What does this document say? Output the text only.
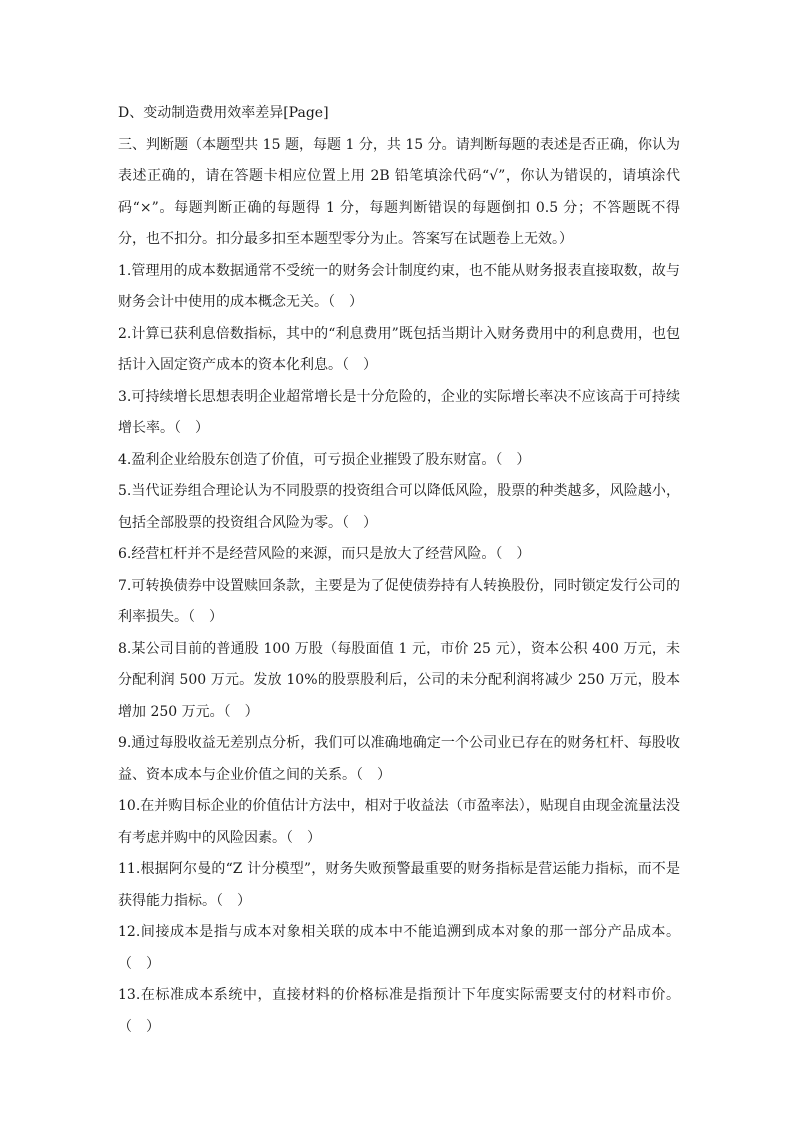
D、变动制造费用效率差异[Page]

三、判断题（本题型共 15 题，每题 1 分，共 15 分。请判断每题的表述是否正确，你认为表述正确的，请在答题卡相应位置上用 2B 铅笔填涂代码“√”，你认为错误的，请填涂代码“×”。每题判断正确的每题得 1 分，每题判断错误的每题倒扣 0.5 分；不答题既不得分，也不扣分。扣分最多扣至本题型零分为止。答案写在试题卷上无效。）

1.管理用的成本数据通常不受统一的财务会计制度约束，也不能从财务报表直接取数，故与财务会计中使用的成本概念无关。（　）

2.计算已获利息倍数指标，其中的“利息费用”既包括当期计入财务费用中的利息费用，也包括计入固定资产成本的资本化利息。（　）

3.可持续增长思想表明企业超常增长是十分危险的，企业的实际增长率决不应该高于可持续增长率。（　）

4.盈利企业给股东创造了价值，可亏损企业摧毁了股东财富。（　）

5.当代证券组合理论认为不同股票的投资组合可以降低风险，股票的种类越多，风险越小，包括全部股票的投资组合风险为零。（　）

6.经营杠杆并不是经营风险的来源，而只是放大了经营风险。（　）

7.可转换债券中设置赎回条款，主要是为了促使债券持有人转换股份，同时锁定发行公司的利率损失。（　）

8.某公司目前的普通股 100 万股（每股面值 1 元，市价 25 元），资本公积 400 万元，未分配利润 500 万元。发放 10%的股票股利后，公司的未分配利润将减少 250 万元，股本增加 250 万元。（　）

9.通过每股收益无差别点分析，我们可以准确地确定一个公司业已存在的财务杠杆、每股收益、资本成本与企业价值之间的关系。（　）

10.在并购目标企业的价值估计方法中，相对于收益法（市盈率法），贴现自由现金流量法没有考虑并购中的风险因素。（　）

11.根据阿尔曼的“Z 计分模型”，财务失败预警最重要的财务指标是营运能力指标，而不是获得能力指标。（　）

12.间接成本是指与成本对象相关联的成本中不能追溯到成本对象的那一部分产品成本。（　）

13.在标准成本系统中，直接材料的价格标准是指预计下年度实际需要支付的材料市价。（　）
